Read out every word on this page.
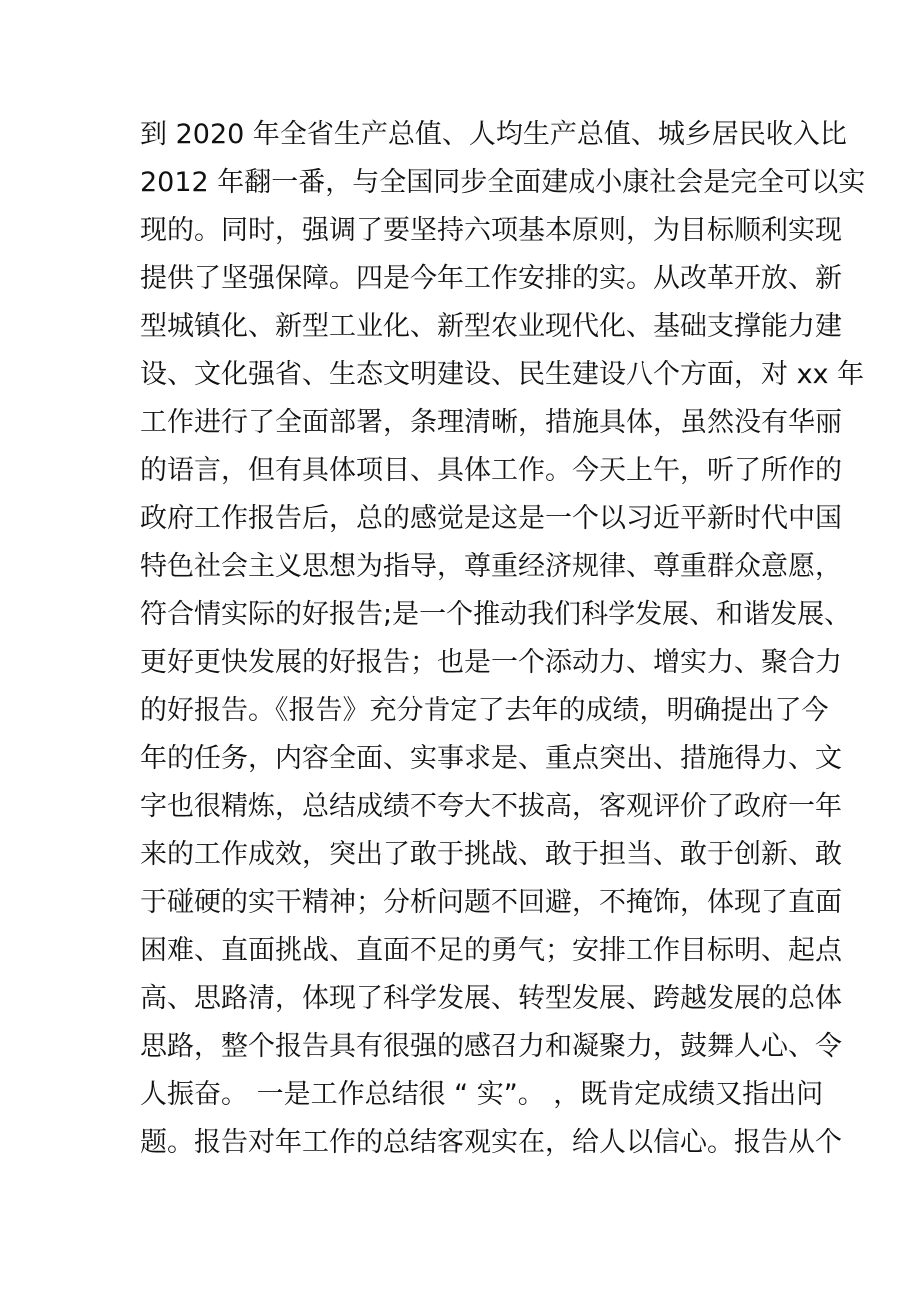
到 2020 年全省生产总值、人均生产总值、城乡居民收入比
2012 年翻一番，与全国同步全面建成小康社会是完全可以实
现的。同时，强调了要坚持六项基本原则，为目标顺利实现
提供了坚强保障。四是今年工作安排的实。从改革开放、新
型城镇化、新型工业化、新型农业现代化、基础支撑能力建
设、文化强省、生态文明建设、民生建设八个方面，对 xx 年
工作进行了全面部署，条理清晰，措施具体，虽然没有华丽
的语言，但有具体项目、具体工作。今天上午，听了所作的
政府工作报告后，总的感觉是这是一个以习近平新时代中国
特色社会主义思想为指导，尊重经济规律、尊重群众意愿，
符合情实际的好报告;是一个推动我们科学发展、和谐发展、
更好更快发展的好报告；也是一个添动力、增实力、聚合力
的好报告。《报告》充分肯定了去年的成绩，明确提出了今
年的任务，内容全面、实事求是、重点突出、措施得力、文
字也很精炼，总结成绩不夸大不拔高，客观评价了政府一年
来的工作成效，突出了敢于挑战、敢于担当、敢于创新、敢
于碰硬的实干精神；分析问题不回避，不掩饰，体现了直面
困难、直面挑战、直面不足的勇气；安排工作目标明、起点
高、思路清，体现了科学发展、转型发展、跨越发展的总体
思路，整个报告具有很强的感召力和凝聚力，鼓舞人心、令
人振奋。 一是工作总结很 “ 实”。 ，既肯定成绩又指出问
题。报告对年工作的总结客观实在，给人以信心。报告从个
